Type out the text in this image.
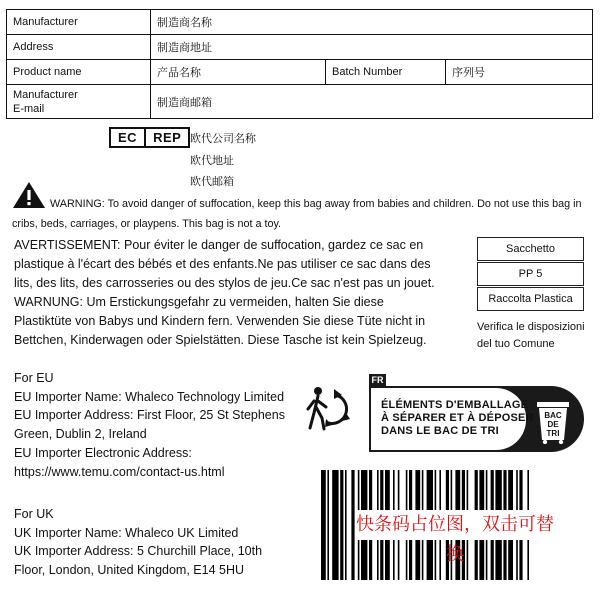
Manufacturer	制造商名称		
Address	制造商地址		
Product name	产品名称	Batch Number	序列号

Manufacturer
E-mail	制造商邮箱		
EC	REP 欧代公司名称
欧代地址
欧代邮箱
WARNING: To avoid danger of suffocation, keep this bag away from babies and children. Do not use this bag in cribs, beds, carriages, or playpens. This bag is not a toy.
AVERTISSEMENT: Pour éviter le danger de suffocation, gardez ce sac en
plastique à l'écart des bébés et des enfants.Ne pas utiliser ce sac dans des
lits, des lits, des carrosseries ou des stylos de jeu.Ce sac n'est pas un jouet.
WARNUNG: Um Erstickungsgefahr zu vermeiden, halten Sie diese
Plastiktüte von Babys und Kindern fern. Verwenden Sie diese Tüte nicht in
Bettchen, Kinderwagen oder Spielstätten. Diese Tasche ist kein Spielzeug.
Sacchetto
PP 5
Raccolta Plastica
Verifica le disposizioni
del tuo Comune
For EU
EU Importer Name: Whaleco Technology Limited
EU Importer Address: First Floor, 25 St Stephens
Green, Dublin 2, Ireland
EU Importer Electronic Address:
https://www.temu.com/contact-us.html
For UK
UK Importer Name: Whaleco UK Limited
UK Importer Address: 5 Churchill Place, 10th
Floor, London, United Kingdom, E14 5HU
FR
ÉLÉMENTS D'EMBALLAGE
À SÉPARER ET À DÉPOSER
DANS LE BAC DE TRI
BAC
DE
TRI
快条码占位图，双击可替换
